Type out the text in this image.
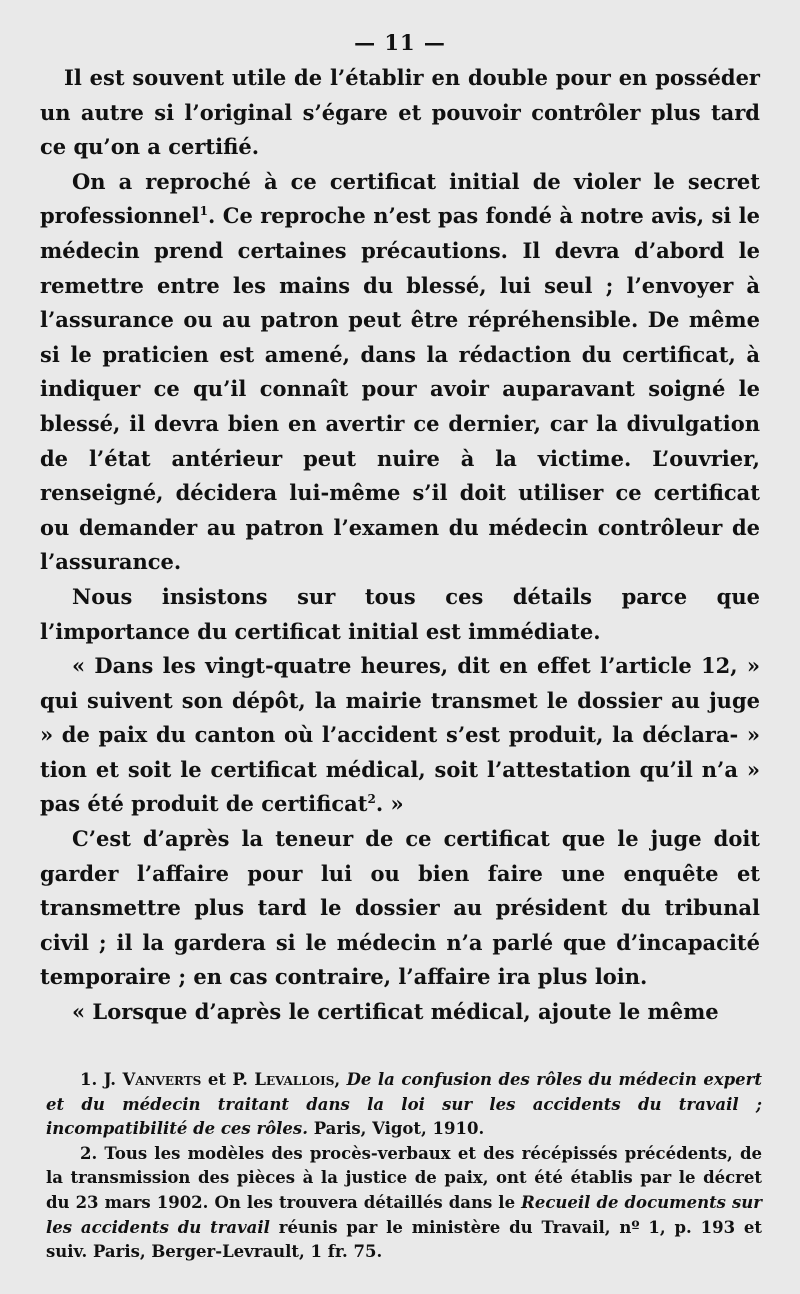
— 11 —

Il est souvent utile de l’établir en double pour en posséder un autre si l’original s’égare et pouvoir contrôler plus tard ce qu’on a certifié.

On a reproché à ce certificat initial de violer le secret professionnel$^1$. Ce reproche n’est pas fondé à notre avis, si le médecin prend certaines précautions. Il devra d’abord le remettre entre les mains du blessé, lui seul ; l’envoyer à l’assurance ou au patron peut être répréhensible. De même si le praticien est amené, dans la rédaction du certificat, à indiquer ce qu’il connaît pour avoir auparavant soigné le blessé, il devra bien en avertir ce dernier, car la divulgation de l’état antérieur peut nuire à la victime. L’ouvrier, renseigné, décidera lui-même s’il doit utiliser ce certificat ou demander au patron l’examen du médecin contrôleur de l’assurance.

Nous insistons sur tous ces détails parce que l’importance du certificat initial est immédiate.

« Dans les vingt-quatre heures, dit en effet l’article 12, » qui suivent son dépôt, la mairie transmet le dossier au juge » de paix du canton où l’accident s’est produit, la déclara- » tion et soit le certificat médical, soit l’attestation qu’il n’a » pas été produit de certificat$^2$. »

C’est d’après la teneur de ce certificat que le juge doit garder l’affaire pour lui ou bien faire une enquête et transmettre plus tard le dossier au président du tribunal civil ; il la gardera si le médecin n’a parlé que d’incapacité temporaire ; en cas contraire, l’affaire ira plus loin.

« Lorsque d’après le certificat médical, ajoute le même

1. J. Vanverts et P. Levallois, De la confusion des rôles du médecin expert et du médecin traitant dans la loi sur les accidents du travail ; incompatibilité de ces rôles. Paris, Vigot, 1910.

2. Tous les modèles des procès-verbaux et des récépissés précédents, de la transmission des pièces à la justice de paix, ont été établis par le décret du 23 mars 1902. On les trouvera détaillés dans le Recueil de documents sur les accidents du travail réunis par le ministère du Travail, nº 1, p. 193 et suiv. Paris, Berger-Levrault, 1 fr. 75.
